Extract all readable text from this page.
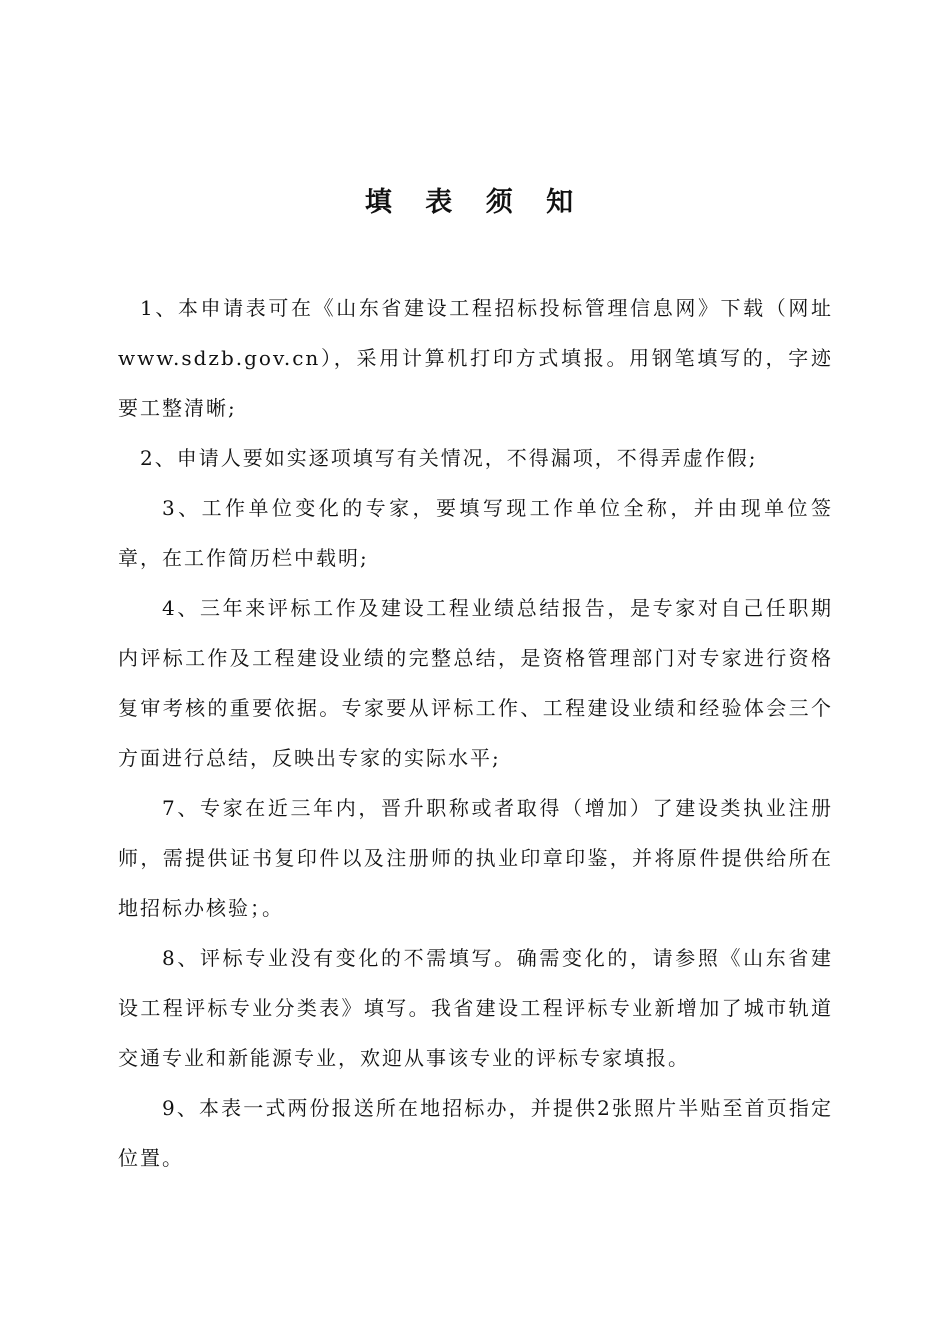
填 表 须 知

1、本申请表可在《山东省建设工程招标投标管理信息网》下载（网址www.sdzb.gov.cn），采用计算机打印方式填报。用钢笔填写的，字迹要工整清晰;

2、申请人要如实逐项填写有关情况，不得漏项，不得弄虚作假;

3、工作单位变化的专家，要填写现工作单位全称，并由现单位签章，在工作简历栏中载明;

4、三年来评标工作及建设工程业绩总结报告，是专家对自己任职期内评标工作及工程建设业绩的完整总结，是资格管理部门对专家进行资格复审考核的重要依据。专家要从评标工作、工程建设业绩和经验体会三个方面进行总结，反映出专家的实际水平;

7、专家在近三年内，晋升职称或者取得（增加）了建设类执业注册师，需提供证书复印件以及注册师的执业印章印鉴，并将原件提供给所在地招标办核验；。

8、评标专业没有变化的不需填写。确需变化的，请参照《山东省建设工程评标专业分类表》填写。我省建设工程评标专业新增加了城市轨道交通专业和新能源专业，欢迎从事该专业的评标专家填报。

9、本表一式两份报送所在地招标办，并提供2张照片半贴至首页指定位置。
